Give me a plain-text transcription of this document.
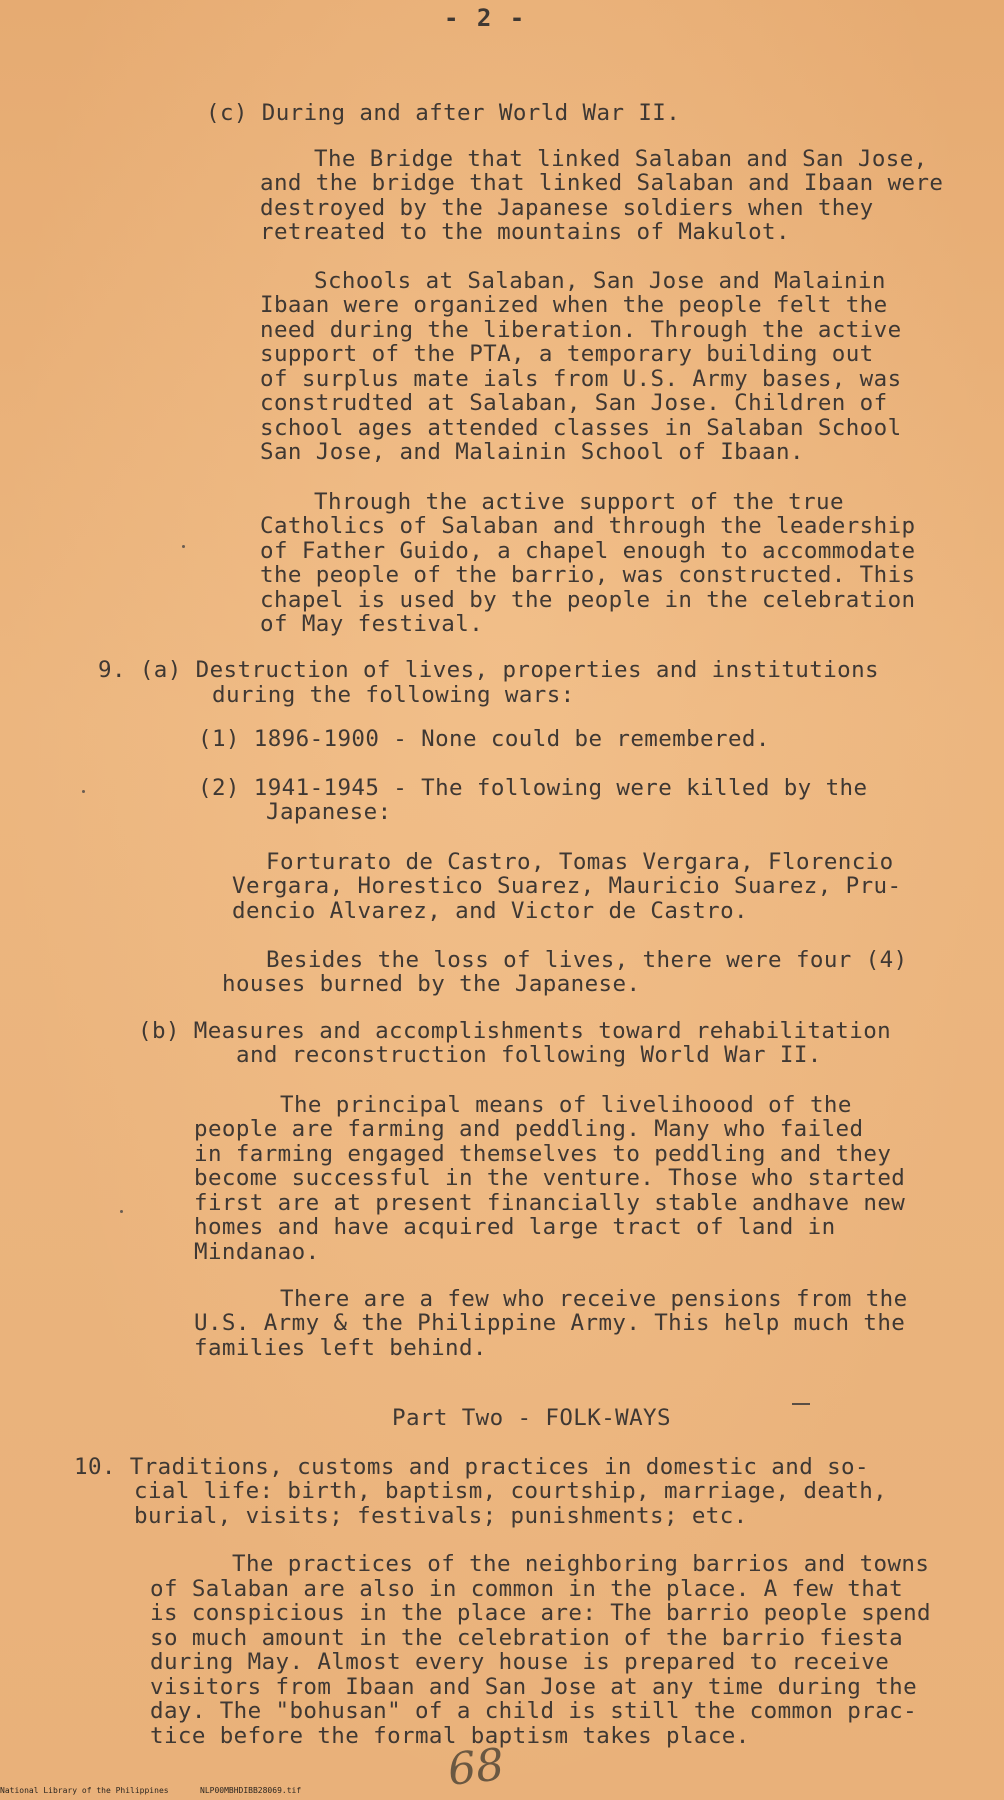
- 2 -
(c) During and after World War II.
The Bridge that linked Salaban and San Jose,
and the bridge that linked Salaban and Ibaan were
destroyed by the Japanese soldiers when they
retreated to the mountains of Makulot.
Schools at Salaban, San Jose and Malainin
Ibaan were organized when the people felt the
need during the liberation. Through the active
support of the PTA, a temporary building out
of surplus mate ials from U.S. Army bases, was
construdted at Salaban, San Jose. Children of
school ages attended classes in Salaban School
San Jose, and Malainin School of Ibaan.
Through the active support of the true
Catholics of Salaban and through the leadership
of Father Guido, a chapel enough to accommodate
the people of the barrio, was constructed. This
chapel is used by the people in the celebration
of May festival.
9. (a) Destruction of lives, properties and institutions
during the following wars:
(1) 1896-1900 - None could be remembered.
(2) 1941-1945 - The following were killed by the
Japanese:
Forturato de Castro, Tomas Vergara, Florencio
Vergara, Horestico Suarez, Mauricio Suarez, Pru-
dencio Alvarez, and Victor de Castro.
Besides the loss of lives, there were four (4)
houses burned by the Japanese.
(b) Measures and accomplishments toward rehabilitation
and reconstruction following World War II.
The principal means of livelihoood of the
people are farming and peddling. Many who failed
in farming engaged themselves to peddling and they
become successful in the venture. Those who started
first are at present financially stable andhave new
homes and have acquired large tract of land in
Mindanao.
There are a few who receive pensions from the
U.S. Army & the Philippine Army. This help much the
families left behind.
Part Two - FOLK-WAYS
10. Traditions, customs and practices in domestic and so-
cial life: birth, baptism, courtship, marriage, death,
burial, visits; festivals; punishments; etc.
The practices of the neighboring barrios and towns
of Salaban are also in common in the place. A few that
is conspicious in the place are: The barrio people spend
so much amount in the celebration of the barrio fiesta
during May. Almost every house is prepared to receive
visitors from Ibaan and San Jose at any time during the
day. The "bohusan" of a child is still the common prac-
tice before the formal baptism takes place.
68
National Library of the Philippines	NLP00MBHDIBB28069.tif
